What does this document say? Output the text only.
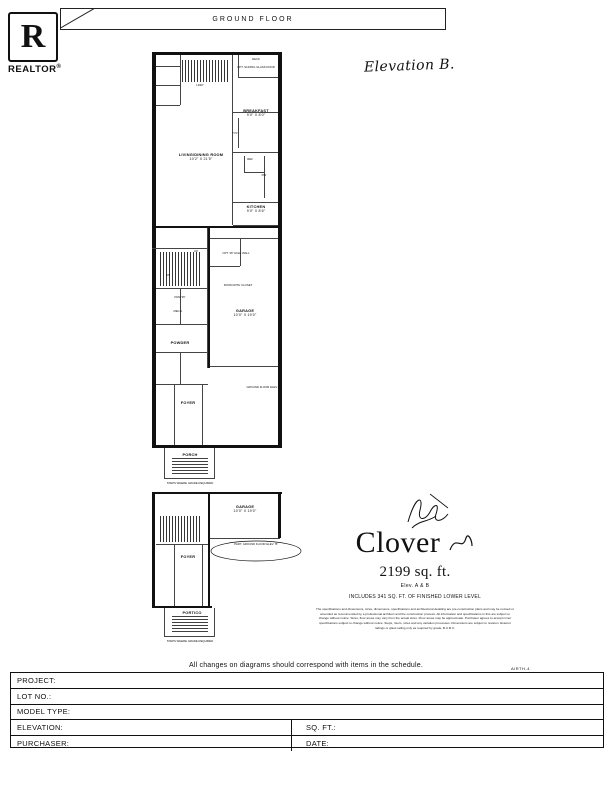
R
REALTOR®
GROUND FLOOR
Elevation B.
LIVING/DINING ROOM
10'2" X 21'5"
BREAKFAST
9'0" X 8'0"
KITCHEN
9'0" X 8'6"
GARAGE
10'0" X 19'0"
FOYER
PORCH
POWDER
ROOM WITH CLOSET
PANTRY
MECH.
DECK
OPT. SLIDING GLASS DOOR
LDRY
W.I.C.
UP
DN
REF
DW
OPT. 36" HIGH WALL
STEPS WHERE GRADE REQUIRED
TYP.
GROUND FLOOR ELEV. 'B'
GARAGE
10'0" X 19'0"
FOYER
PORTICO
STEPS WHERE GRADE REQUIRED
PART. GROUND FLOOR ELEV. 'B'	Clover
2199 sq. ft.
Elev. A & B
INCLUDES 341 SQ. FT. OF FINISHED LOWER LEVEL
The specifications and dimensions, sizes, dimensions, specifications and architectural detailing are pre-construction plans and may be revised or amended as recommended by a professional architect and the construction process. All information and specifications in this are subject to change without notice. Sizes, floor areas may vary from the actual sizes. Floor areas may be approximate. Purchaser agrees to accept minor specifications subject to change without notice. Steps, risers, sizes and any variation processes. Dimensions are subject to revision. Exterior railings or glass railing only as required by grade, B.C.B.C.
AIRTH-4
All changes on diagrams should correspond with items in the schedule.
PROJECT:
LOT NO.:
MODEL TYPE:
ELEVATION:	SQ. FT.:
PURCHASER:	DATE:
